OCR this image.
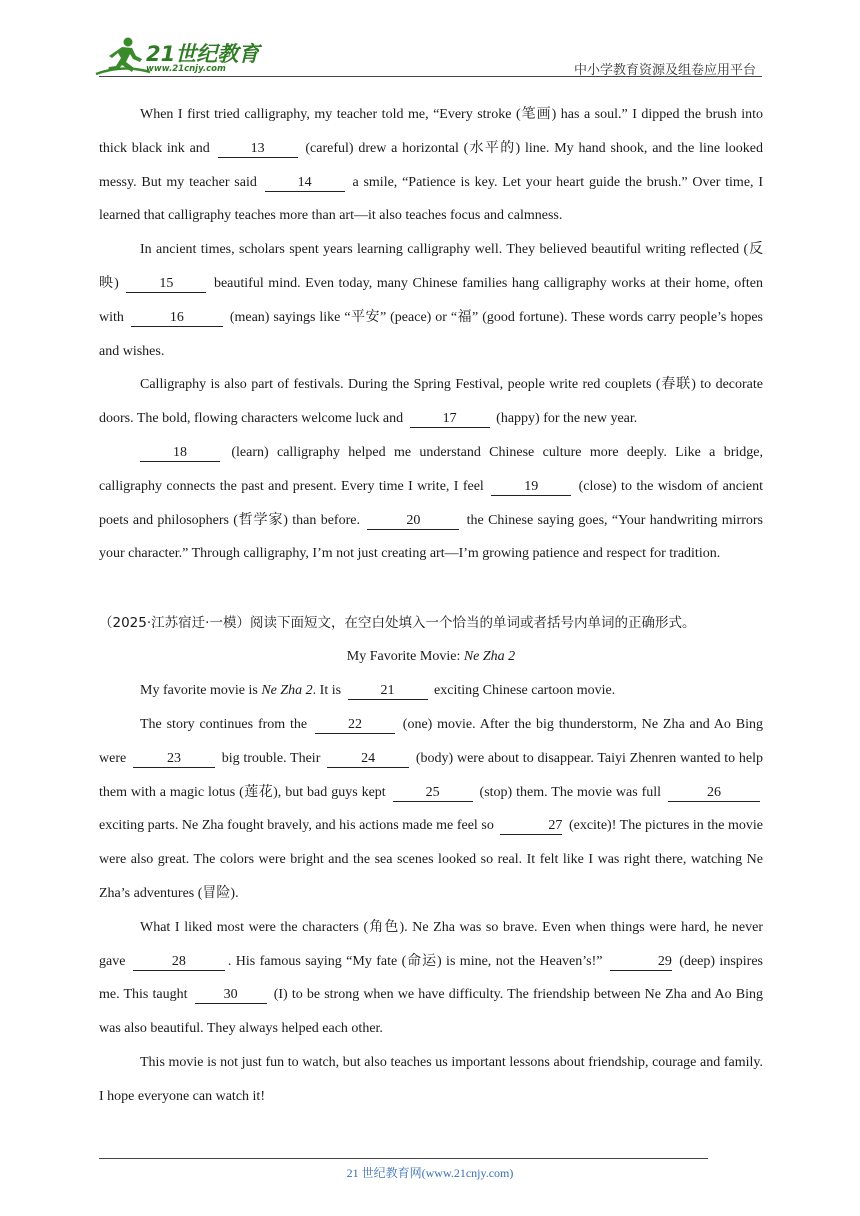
21世纪教育
www.21cnjy.com	中小学教育资源及组卷应用平台

When I first tried calligraphy, my teacher told me, “Every stroke (笔画) has a soul.” I dipped the brush into thick black ink and	13	(careful) drew a horizontal (水平的) line. My hand shook, and the line looked messy. But my teacher said	14	a smile, “Patience is key. Let your heart guide the brush.” Over time, I learned that calligraphy teaches more than art—it also teaches focus and calmness.

In ancient times, scholars spent years learning calligraphy well. They believed beautiful writing reflected (反映)	15	beautiful mind. Even today, many Chinese families hang calligraphy works at their home, often with	16	(mean) sayings like “平安” (peace) or “福” (good fortune). These words carry people’s hopes and wishes.

Calligraphy is also part of festivals. During the Spring Festival, people write red couplets (春联) to decorate doors. The bold, flowing characters welcome luck and	17	(happy) for the new year.

18	(learn) calligraphy helped me understand Chinese culture more deeply. Like a bridge, calligraphy connects the past and present. Every time I write, I feel	19	(close) to the wisdom of ancient poets and philosophers (哲学家) than before.	20	the Chinese saying goes, “Your handwriting mirrors your character.” Through calligraphy, I’m not just creating art—I’m growing patience and respect for tradition.

（2025·江苏宿迁·一模）阅读下面短文，在空白处填入一个恰当的单词或者括号内单词的正确形式。

My Favorite Movie: Ne Zha 2

My favorite movie is Ne Zha 2. It is	21	exciting Chinese cartoon movie.

The story continues from the	22	(one) movie. After the big thunderstorm, Ne Zha and Ao Bing were	23	big trouble. Their	24	(body) were about to disappear. Taiyi Zhenren wanted to help them with a magic lotus (莲花), but bad guys kept	25	(stop) them. The movie was full	26 exciting parts. Ne Zha fought bravely, and his actions made me feel so	27 (excite)! The pictures in the movie were also great. The colors were bright and the sea scenes looked so real. It felt like I was right there, watching Ne Zha’s adventures (冒险).

What I liked most were the characters (角色). Ne Zha was so brave. Even when things were hard, he never gave	28	. His famous saying “My fate (命运) is mine, not the Heaven’s!”	29 (deep) inspires me. This taught 30 (I) to be strong when we have difficulty. The friendship between Ne Zha and Ao Bing was also beautiful. They always helped each other.

This movie is not just fun to watch, but also teaches us important lessons about friendship, courage and family. I hope everyone can watch it!

21 世纪教育网(www.21cnjy.com)
